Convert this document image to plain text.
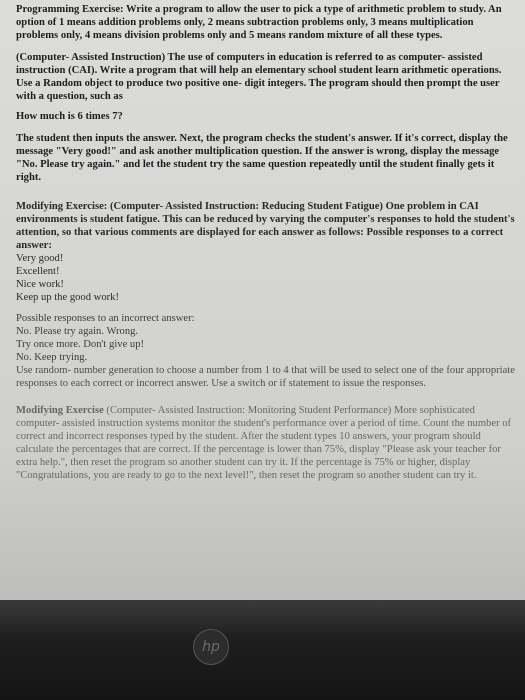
Programming Exercise: Write a program to allow the user to pick a type of arithmetic problem to study. An option of 1 means addition problems only, 2 means subtraction problems only, 3 means multiplication problems only, 4 means division problems only and 5 means random mixture of all these types.

(Computer- Assisted Instruction) The use of computers in education is referred to as computer- assisted instruction (CAI). Write a program that will help an elementary school student learn arithmetic operations. Use a Random object to produce two positive one- digit integers. The program should then prompt the user with a question, such as

How much is 6 times 7?

The student then inputs the answer. Next, the program checks the student's answer. If it's correct, display the message "Very good!" and ask another multiplication question. If the answer is wrong, display the message "No. Please try again." and let the student try the same question repeatedly until the student finally gets it right.

Modifying Exercise: (Computer- Assisted Instruction: Reducing Student Fatigue) One problem in CAI environments is student fatigue. This can be reduced by varying the computer's responses to hold the student's attention, so that various comments are displayed for each answer as follows: Possible responses to a correct answer:

Very good!

Excellent!

Nice work!

Keep up the good work!

Possible responses to an incorrect answer:

No. Please try again. Wrong.

Try once more. Don't give up!

No. Keep trying.

Use random- number generation to choose a number from 1 to 4 that will be used to select one of the four appropriate responses to each correct or incorrect answer. Use a switch or if statement to issue the responses.

Modifying Exercise (Computer- Assisted Instruction: Monitoring Student Performance) More sophisticated computer- assisted instruction systems monitor the student's performance over a period of time. Count the number of correct and incorrect responses typed by the student. After the student types 10 answers, your program should calculate the percentages that are correct. If the percentage is lower than 75%, display "Please ask your teacher for extra help.", then reset the program so another student can try it. If the percentage is 75% or higher, display "Congratulations, you are ready to go to the next level!", then reset the program so another student can try it.

hp
